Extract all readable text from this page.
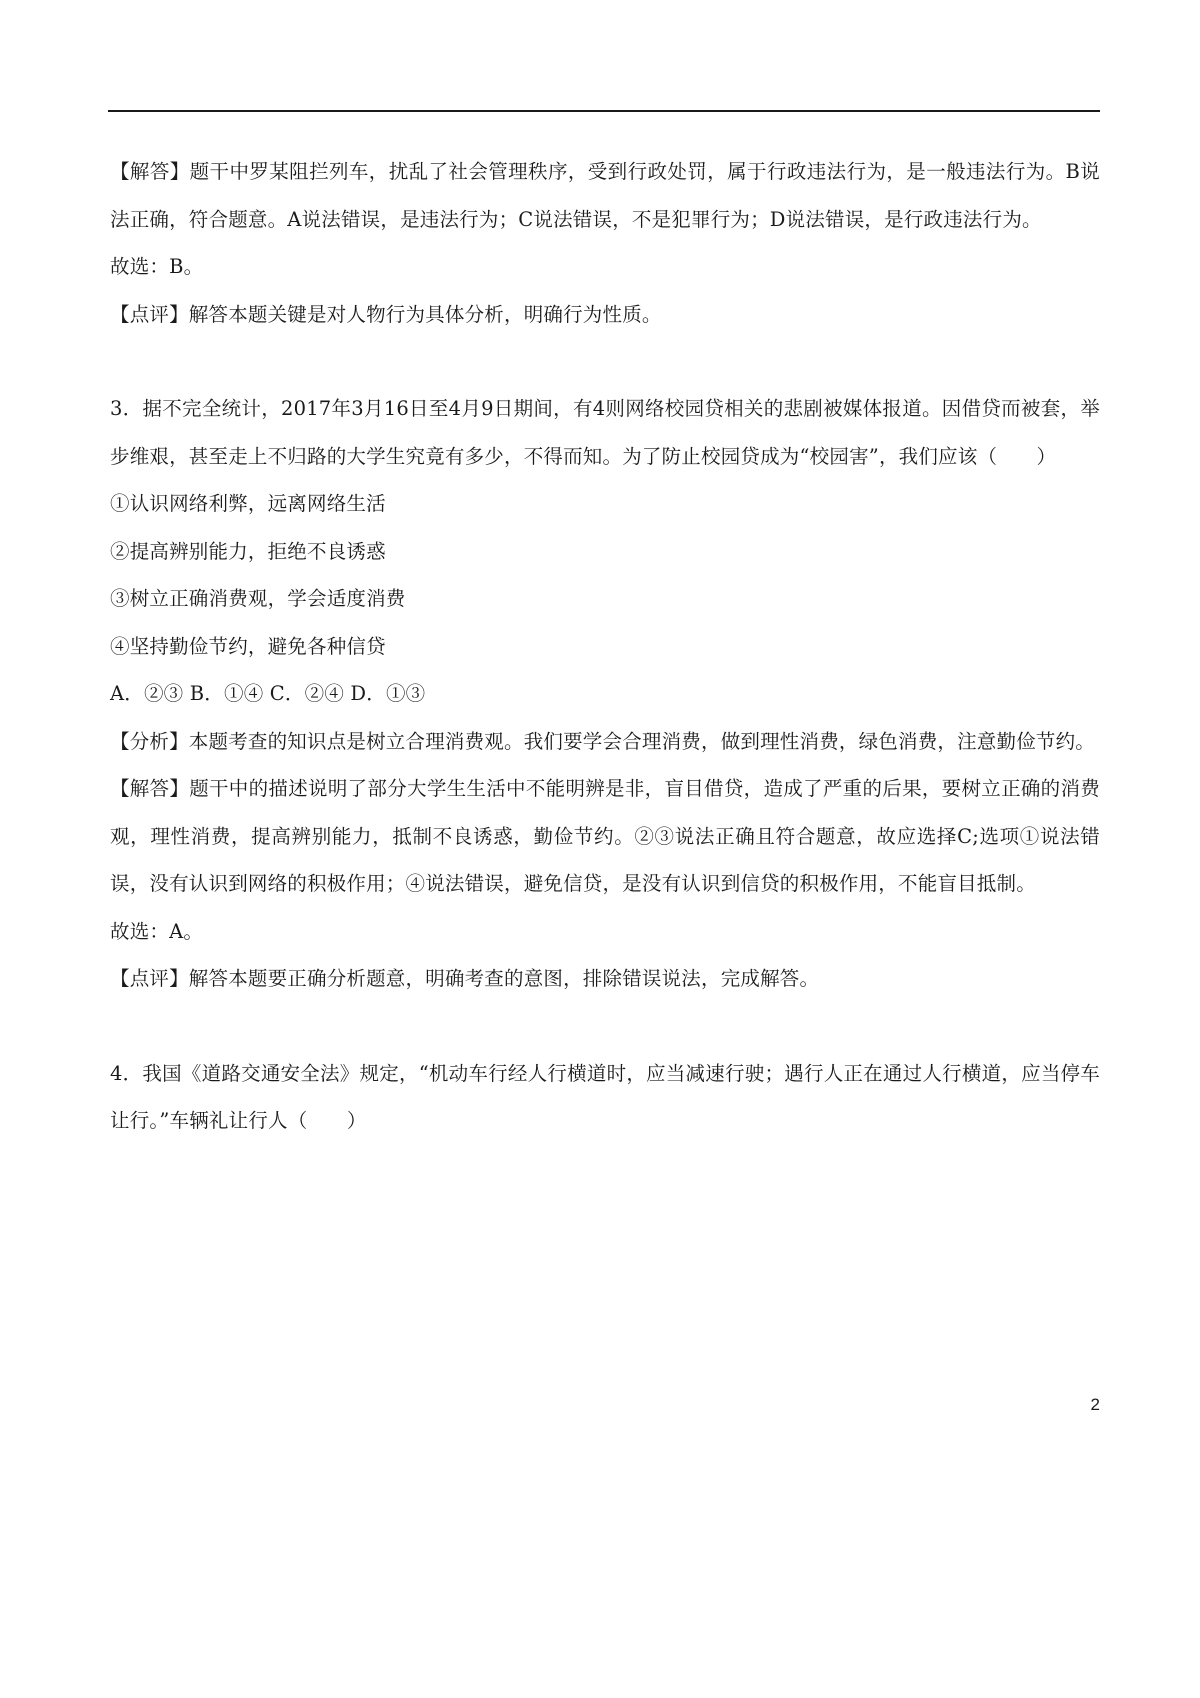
【解答】题干中罗某阻拦列车，扰乱了社会管理秩序，受到行政处罚，属于行政违法行为，是一般违法行为。B说法正确，符合题意。A说法错误，是违法行为；C说法错误，不是犯罪行为；D说法错误，是行政违法行为。

故选：B。

【点评】解答本题关键是对人物行为具体分析，明确行为性质。

3．据不完全统计，2017年3月16日至4月9日期间，有4则网络校园贷相关的悲剧被媒体报道。因借贷而被套，举步维艰，甚至走上不归路的大学生究竟有多少，不得而知。为了防止校园贷成为“校园害”，我们应该（　　）

①认识网络利弊，远离网络生活

②提高辨别能力，拒绝不良诱惑

③树立正确消费观，学会适度消费

④坚持勤俭节约，避免各种信贷

A．②③ B．①④ C．②④ D．①③

【分析】本题考查的知识点是树立合理消费观。我们要学会合理消费，做到理性消费，绿色消费，注意勤俭节约。

【解答】题干中的描述说明了部分大学生生活中不能明辨是非，盲目借贷，造成了严重的后果，要树立正确的消费观，理性消费，提高辨别能力，抵制不良诱惑，勤俭节约。②③说法正确且符合题意，故应选择C;选项①说法错误，没有认识到网络的积极作用；④说法错误，避免信贷，是没有认识到信贷的积极作用，不能盲目抵制。

故选：A。

【点评】解答本题要正确分析题意，明确考查的意图，排除错误说法，完成解答。

4．我国《道路交通安全法》规定，“机动车行经人行横道时，应当减速行驶；遇行人正在通过人行横道，应当停车让行。”车辆礼让行人（　　）

2
